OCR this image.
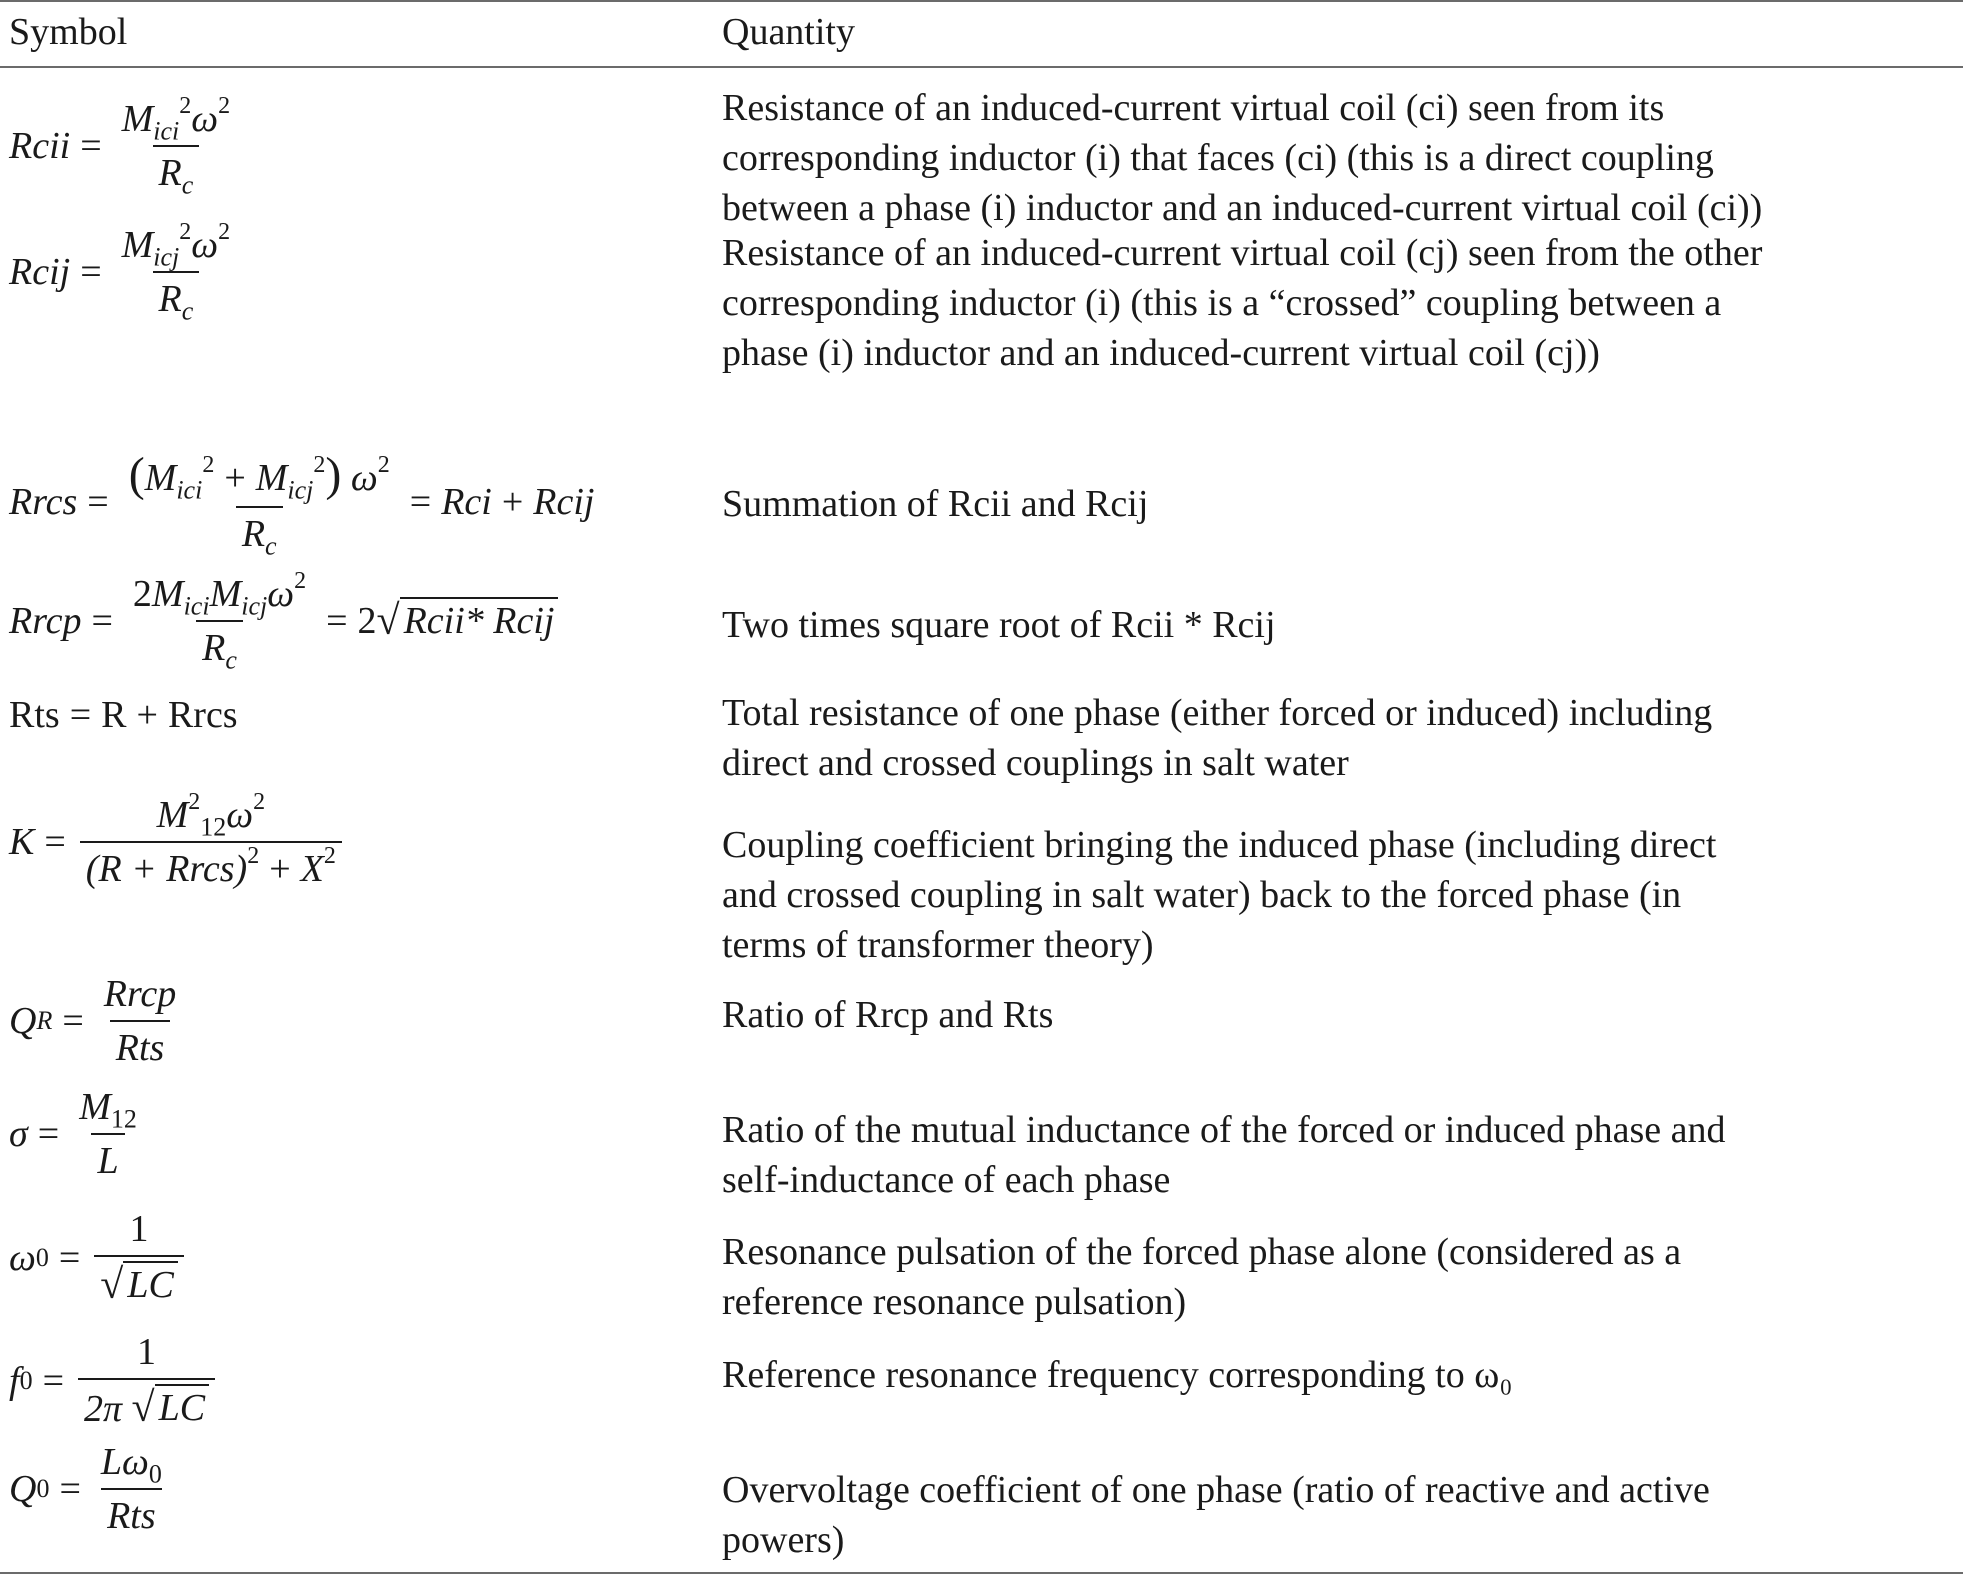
Symbol	Quantity
Rcii = $\frac{M_{ici}^2\omega^2}{R_c}$	Resistance of an induced-current virtual coil (ci) seen from its
corresponding inductor (i) that faces (ci) (this is a direct coupling
between a phase (i) inductor and an induced-current virtual coil (ci))
Rcij = $\frac{M_{icj}^2\omega^2}{R_c}$	Resistance of an induced-current virtual coil (cj) seen from the other
corresponding inductor (i) (this is a “crossed” coupling between a
phase (i) inductor and an induced-current virtual coil (cj))
Rrcs = $\frac{(M_{ici}^2 + M_{icj}^2) \omega^2}{R_c}$ = Rci + Rcij	Summation of Rcii and Rcij
Rrcp = $\frac{2M_{ici}M_{icj}\omega^2}{R_c} = 2$ √ Rcii* Rcij	Two times square root of Rcii * Rcij
Rts = R + Rrcs	Total resistance of one phase (either forced or induced) including
direct and crossed couplings in salt water
$K = \frac{M^2_{12}\omega^2}{(R + Rrcs)^2 + X^2}$	Coupling coefficient bringing the induced phase (including direct
and crossed coupling in salt water) back to the forced phase (in
terms of transformer theory)
Q $R = \frac{\text{Rrcp}}{\text{Rts}}$	Ratio of Rrcp and Rts
$\sigma = \frac{M_{12}}{L}$	Ratio of the mutual inductance of the forced or induced phase and
self-inductance of each phase
ω $0 = \frac{1}{√ LC}$	Resonance pulsation of the forced phase alone (considered as a
reference resonance pulsation)
f $0 = \frac{1}{2\pi √ LC}$	Reference resonance frequency corresponding to ω₀
Q $0 = \frac{L\omega_0}{\text{Rts}}$	Overvoltage coefficient of one phase (ratio of reactive and active
powers)
